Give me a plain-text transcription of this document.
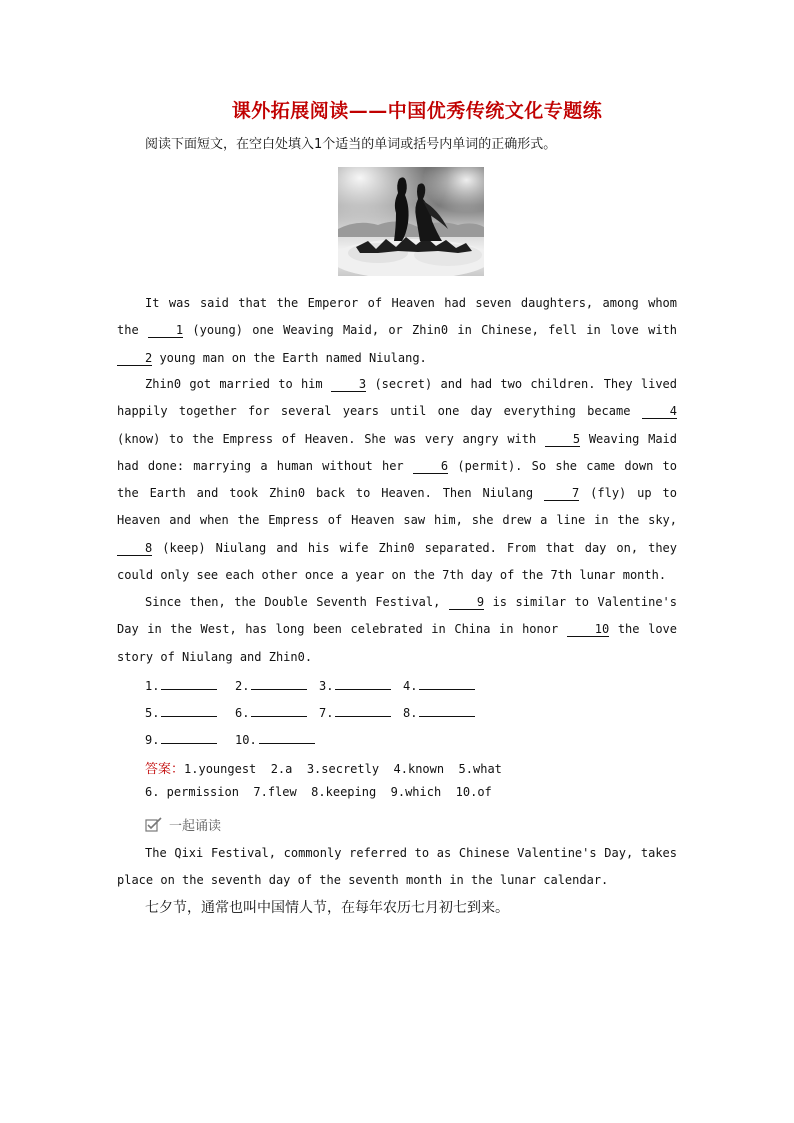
课外拓展阅读——中国优秀传统文化专题练
阅读下面短文，在空白处填入1个适当的单词或括号内单词的正确形式。
It was said that the Emperor of Heaven had seven daughters, among whom the 1 (young) one Weaving Maid, or Zhin0 in Chinese, fell in love with 2 young man on the Earth named Niulang.
Zhin0 got married to him 3 (secret) and had two children. They lived happily together for several years until one day everything became 4 (know) to the Empress of Heaven. She was very angry with 5 Weaving Maid had done: marrying a human without her 6 (permit). So she came down to the Earth and took Zhin0 back to Heaven. Then Niulang 7 (fly) up to Heaven and when the Empress of Heaven saw him, she drew a line in the sky, 8 (keep) Niulang and his wife Zhin0 separated. From that day on, they could only see each other once a year on the 7th day of the 7th lunar month.
Since then, the Double Seventh Festival, 9 is similar to Valentine's Day in the West, has long been celebrated in China in honor 10 the love story of Niulang and Zhin0.
1.	2.	3.	4.
5.	6.	7.	8.
9.	10.
答案：1.youngest  2.a  3.secretly  4.known  5.what
6. permission  7.flew  8.keeping  9.which  10.of
一起诵读
The Qixi Festival, commonly referred to as Chinese Valentine's Day, takes place on the seventh day of the seventh month in the lunar calendar.
七夕节，通常也叫中国情人节，在每年农历七月初七到来。
